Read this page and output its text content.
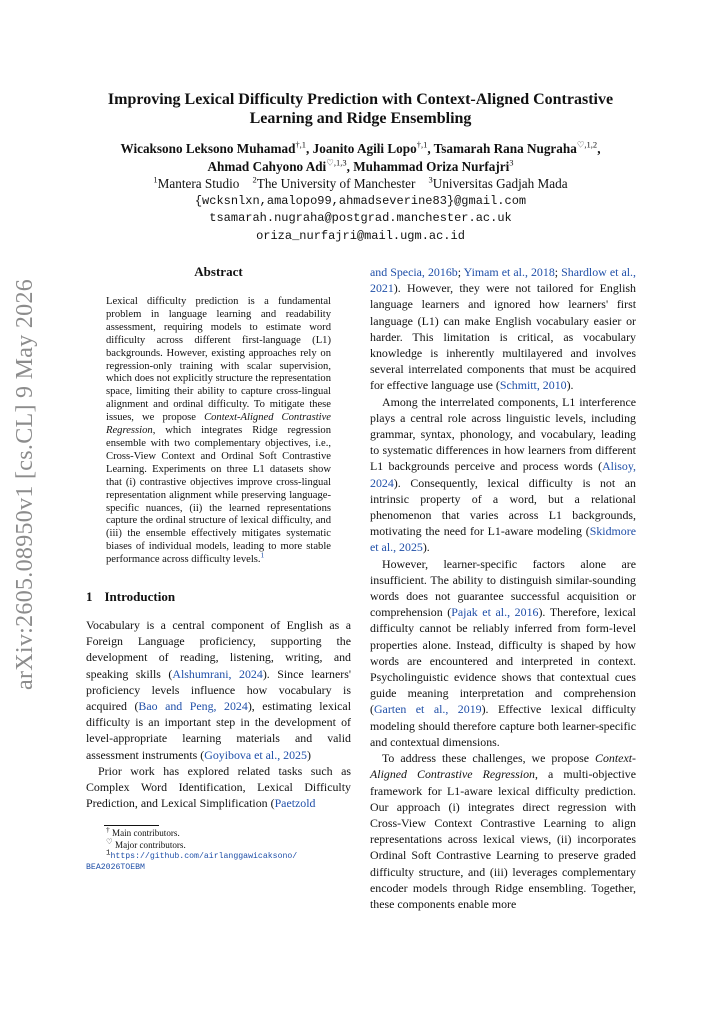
arXiv:2605.08950v1 [cs.CL] 9 May 2026
Improving Lexical Difficulty Prediction with Context-Aligned Contrastive
Learning and Ridge Ensembling
Wicaksono Leksono Muhamad$^{\dagger,1}$, Joanito Agili Lopo$^{\dagger,1}$, Tsamarah Rana Nugraha$^{♡,1,2}$,
Ahmad Cahyono Adi$^{♡,1,3}$, Muhammad Oriza Nurfajri$^3$
$^1$Mantera Studio $^2$The University of Manchester $^3$Universitas Gadjah Mada
{wcksnlxn,amalopo99,ahmadseverine83}@gmail.com
tsamarah.nugraha@postgrad.manchester.ac.uk
oriza_nurfajri@mail.ugm.ac.id
Abstract
Lexical difficulty prediction is a fundamental problem in language learning and readability assessment, requiring models to estimate word difficulty across different first-language (L1) backgrounds. However, existing approaches rely on regression-only training with scalar supervision, which does not explicitly structure the representation space, limiting their ability to capture cross-lingual alignment and ordinal difficulty. To mitigate these issues, we propose Context-Aligned Contrastive Regression, which integrates Ridge regression ensemble with two complementary objectives, i.e., Cross-View Context and Ordinal Soft Contrastive Learning. Experiments on three L1 datasets show that (i) contrastive objectives improve cross-lingual representation alignment while preserving language-specific nuances, (ii) the learned representations capture the ordinal structure of lexical difficulty, and (iii) the ensemble effectively mitigates systematic biases of individual models, leading to more stable performance across difficulty levels.$^1$
1 Introduction

Vocabulary is a central component of English as a Foreign Language proficiency, supporting the development of reading, listening, writing, and speaking skills (Alshumrani, 2024). Since learners' proficiency levels influence how vocabulary is acquired (Bao and Peng, 2024), estimating lexical difficulty is an important step in the development of level-appropriate learning materials and valid assessment instruments (Goyibova et al., 2025)

Prior work has explored related tasks such as Complex Word Identification, Lexical Difficulty Prediction, and Lexical Simplification (Paetzold

† Main contributors.
♡ Major contributors.
$^1$https://github.com/airlanggawicaksono/
BEA2026TOEBM

and Specia, 2016b; Yimam et al., 2018; Shardlow et al., 2021). However, they were not tailored for English language learners and ignored how learners' first language (L1) can make English vocabulary easier or harder. This limitation is critical, as vocabulary knowledge is inherently multilayered and involves several interrelated components that must be acquired for effective language use (Schmitt, 2010).

Among the interrelated components, L1 interference plays a central role across linguistic levels, including grammar, syntax, phonology, and vocabulary, leading to systematic differences in how learners from different L1 backgrounds perceive and process words (Alisoy, 2024). Consequently, lexical difficulty is not an intrinsic property of a word, but a relational phenomenon that varies across L1 backgrounds, motivating the need for L1-aware modeling (Skidmore et al., 2025).

However, learner-specific factors alone are insufficient. The ability to distinguish similar-sounding words does not guarantee successful acquisition or comprehension (Pajak et al., 2016). Therefore, lexical difficulty cannot be reliably inferred from form-level properties alone. Instead, difficulty is shaped by how words are encountered and interpreted in context. Psycholinguistic evidence shows that contextual cues guide meaning interpretation and comprehension (Garten et al., 2019). Effective lexical difficulty modeling should therefore capture both learner-specific and contextual dimensions.

To address these challenges, we propose Context-Aligned Contrastive Regression, a multi-objective framework for L1-aware lexical difficulty prediction. Our approach (i) integrates direct regression with Cross-View Context Contrastive Learning to align representations across lexical views, (ii) incorporates Ordinal Soft Contrastive Learning to preserve graded difficulty structure, and (iii) leverages complementary encoder models through Ridge ensembling. Together, these components enable more
